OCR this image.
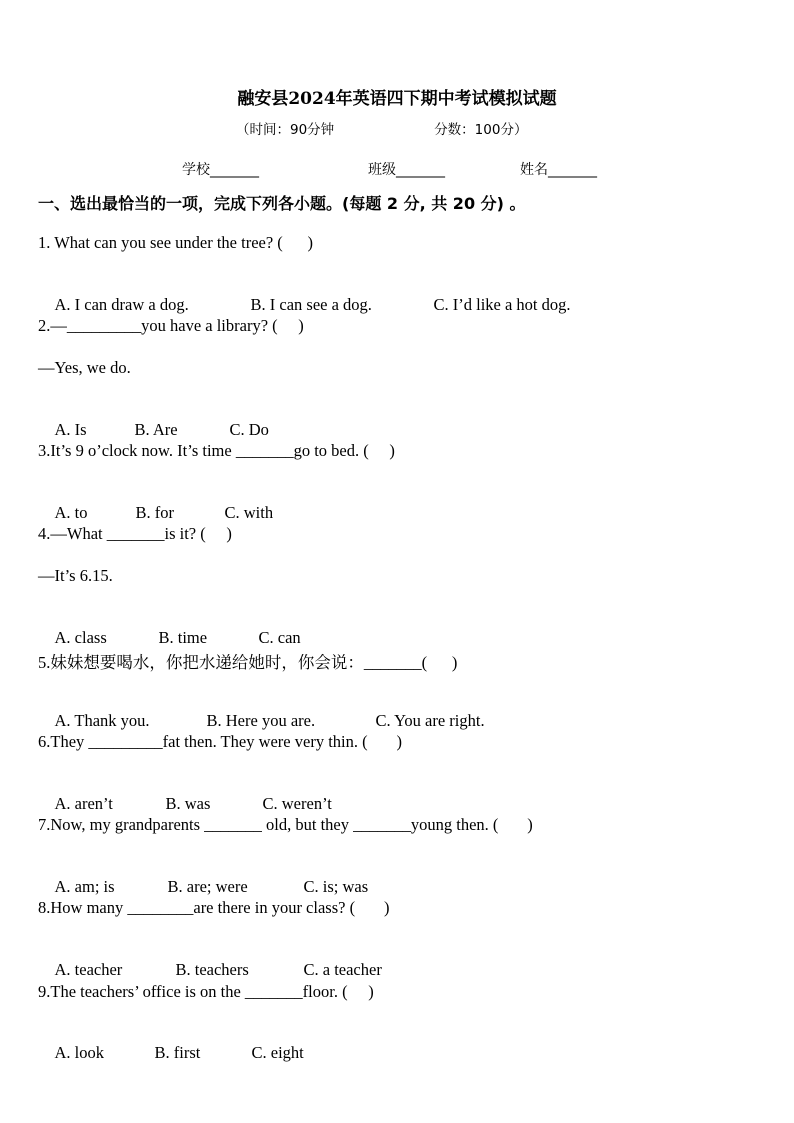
融安县2024年英语四下期中考试模拟试题
（时间：90分钟	分数：100分）
学校_______	班级_______	姓名_______
一、选出最恰当的一项，完成下列各小题。(每题 2 分, 共 20 分) 。
1. What can you see under the tree? (      )

A. I can draw a dog.	B. I can see a dog.	C. I’d like a hot dog.

2.—_________you have a library? (     )
—Yes, we do.

A. Is	B. Are	C. Do

3.It’s 9 o’clock now. It’s time _______go to bed. (     )

A. to	B. for	C. with

4.—What _______is it? (     )
—It’s 6.15.

A. class	B. time	C. can

5.妹妹想要喝水，你把水递给她时，你会说：_______(      )

A. Thank you.	B. Here you are.	C. You are right.

6.They _________fat then. They were very thin. (       )

A. aren’t	B. was	C. weren’t

7.Now, my grandparents _______ old, but they _______young then. (       )

A. am; is	B. are; were	C. is; was

8.How many ________are there in your class? (       )

A. teacher	B. teachers	C. a teacher

9.The teachers’ office is on the _______floor. (     )

A. look	B. first	C. eight
